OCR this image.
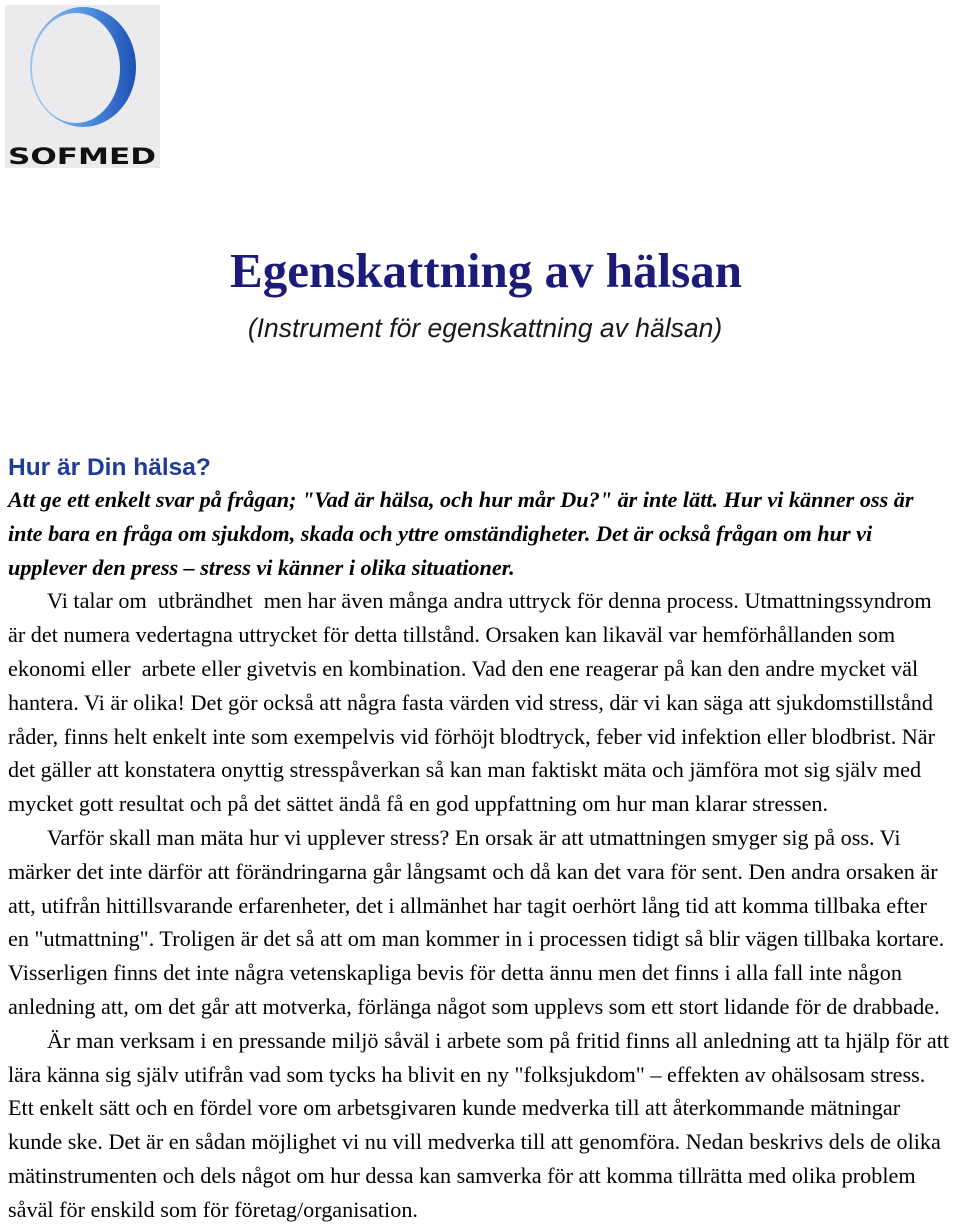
SOFMED
Egenskattning av hälsan
(Instrument för egenskattning av hälsan)
Hur är Din hälsa?
Att ge ett enkelt svar på frågan; "Vad är hälsa, och hur mår Du?" är inte lätt. Hur vi känner oss är
inte bara en fråga om sjukdom, skada och yttre omständigheter. Det är också frågan om hur vi
upplever den press – stress vi känner i olika situationer.
Vi talar om  utbrändhet  men har även många andra uttryck för denna process. Utmattningssyndrom
är det numera vedertagna uttrycket för detta tillstånd. Orsaken kan likaväl var hemförhållanden som
ekonomi eller  arbete eller givetvis en kombination. Vad den ene reagerar på kan den andre mycket väl
hantera. Vi är olika! Det gör också att några fasta värden vid stress, där vi kan säga att sjukdomstillstånd
råder, finns helt enkelt inte som exempelvis vid förhöjt blodtryck, feber vid infektion eller blodbrist. När
det gäller att konstatera onyttig stresspåverkan så kan man faktiskt mäta och jämföra mot sig själv med
mycket gott resultat och på det sättet ändå få en god uppfattning om hur man klarar stressen.
Varför skall man mäta hur vi upplever stress? En orsak är att utmattningen smyger sig på oss. Vi
märker det inte därför att förändringarna går långsamt och då kan det vara för sent. Den andra orsaken är
att, utifrån hittillsvarande erfarenheter, det i allmänhet har tagit oerhört lång tid att komma tillbaka efter
en "utmattning". Troligen är det så att om man kommer in i processen tidigt så blir vägen tillbaka kortare.
Visserligen finns det inte några vetenskapliga bevis för detta ännu men det finns i alla fall inte någon
anledning att, om det går att motverka, förlänga något som upplevs som ett stort lidande för de drabbade.
Är man verksam i en pressande miljö såväl i arbete som på fritid finns all anledning att ta hjälp för att
lära känna sig själv utifrån vad som tycks ha blivit en ny "folksjukdom" – effekten av ohälsosam stress.
Ett enkelt sätt och en fördel vore om arbetsgivaren kunde medverka till att återkommande mätningar
kunde ske. Det är en sådan möjlighet vi nu vill medverka till att genomföra. Nedan beskrivs dels de olika
mätinstrumenten och dels något om hur dessa kan samverka för att komma tillrätta med olika problem
såväl för enskild som för företag/organisation.
